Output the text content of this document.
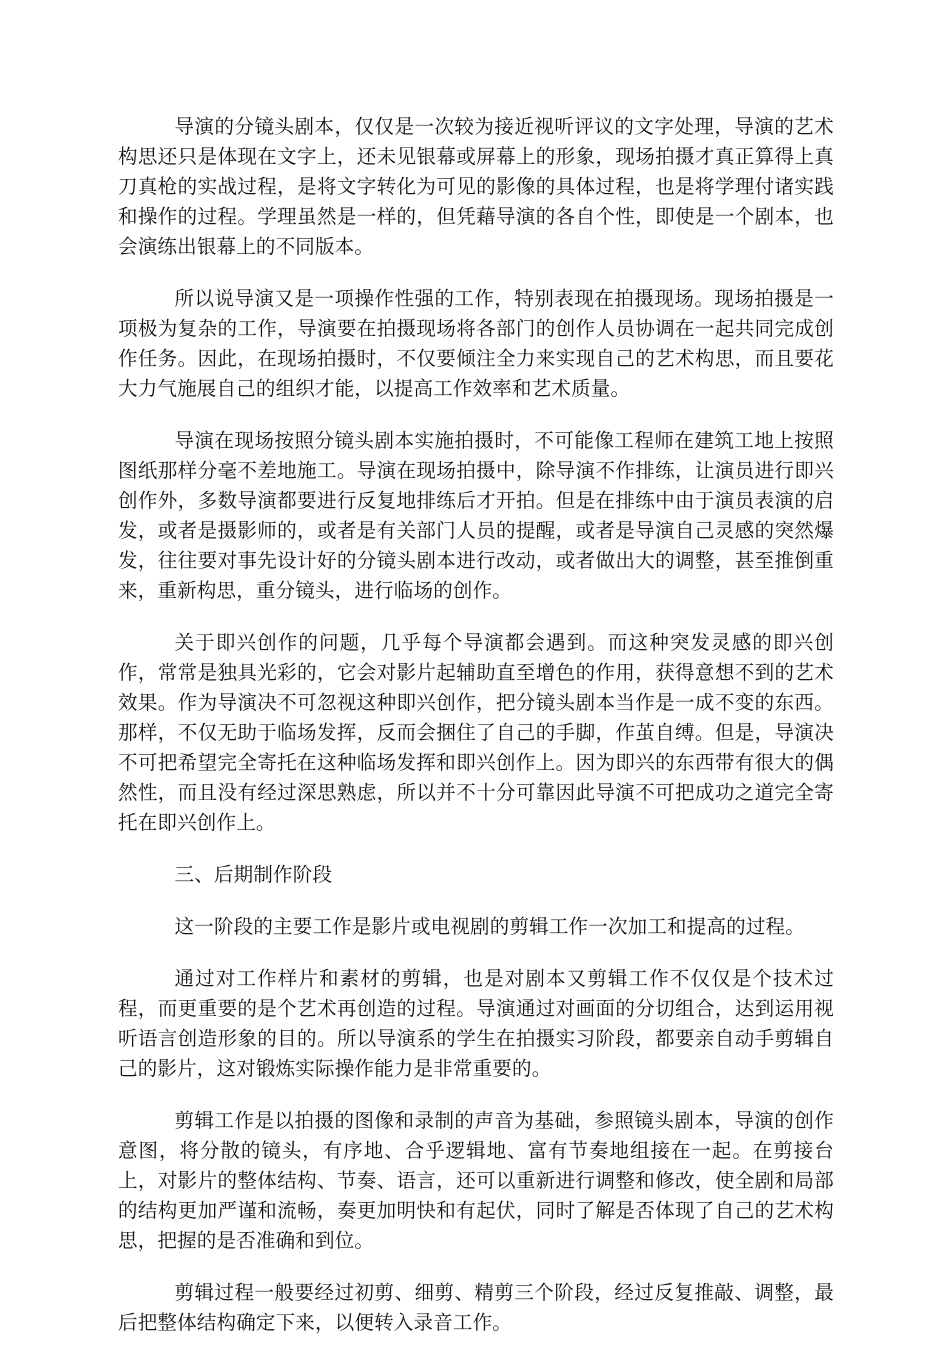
导演的分镜头剧本，仅仅是一次较为接近视听评议的文字处理，导演的艺术构思还只是体现在文字上，还未见银幕或屏幕上的形象，现场拍摄才真正算得上真刀真枪的实战过程，是将文字转化为可见的影像的具体过程，也是将学理付诸实践和操作的过程。学理虽然是一样的，但凭藉导演的各自个性，即使是一个剧本，也会演练出银幕上的不同版本。

所以说导演又是一项操作性强的工作，特别表现在拍摄现场。现场拍摄是一项极为复杂的工作，导演要在拍摄现场将各部门的创作人员协调在一起共同完成创作任务。因此，在现场拍摄时，不仅要倾注全力来实现自己的艺术构思，而且要花大力气施展自己的组织才能，以提高工作效率和艺术质量。

导演在现场按照分镜头剧本实施拍摄时，不可能像工程师在建筑工地上按照图纸那样分毫不差地施工。导演在现场拍摄中，除导演不作排练，让演员进行即兴创作外，多数导演都要进行反复地排练后才开拍。但是在排练中由于演员表演的启发，或者是摄影师的，或者是有关部门人员的提醒，或者是导演自己灵感的突然爆发，往往要对事先设计好的分镜头剧本进行改动，或者做出大的调整，甚至推倒重来，重新构思，重分镜头，进行临场的创作。

关于即兴创作的问题，几乎每个导演都会遇到。而这种突发灵感的即兴创作，常常是独具光彩的，它会对影片起辅助直至增色的作用，获得意想不到的艺术效果。作为导演决不可忽视这种即兴创作，把分镜头剧本当作是一成不变的东西。那样，不仅无助于临场发挥，反而会捆住了自己的手脚，作茧自缚。但是，导演决不可把希望完全寄托在这种临场发挥和即兴创作上。因为即兴的东西带有很大的偶然性，而且没有经过深思熟虑，所以并不十分可靠因此导演不可把成功之道完全寄托在即兴创作上。

三、后期制作阶段

这一阶段的主要工作是影片或电视剧的剪辑工作一次加工和提高的过程。

通过对工作样片和素材的剪辑，也是对剧本又剪辑工作不仅仅是个技术过程，而更重要的是个艺术再创造的过程。导演通过对画面的分切组合，达到运用视听语言创造形象的目的。所以导演系的学生在拍摄实习阶段，都要亲自动手剪辑自己的影片，这对锻炼实际操作能力是非常重要的。

剪辑工作是以拍摄的图像和录制的声音为基础，参照镜头剧本，导演的创作意图，将分散的镜头，有序地、合乎逻辑地、富有节奏地组接在一起。在剪接台上，对影片的整体结构、节奏、语言，还可以重新进行调整和修改，使全剧和局部的结构更加严谨和流畅，奏更加明快和有起伏，同时了解是否体现了自己的艺术构思，把握的是否准确和到位。

剪辑过程一般要经过初剪、细剪、精剪三个阶段，经过反复推敲、调整，最后把整体结构确定下来，以便转入录音工作。
